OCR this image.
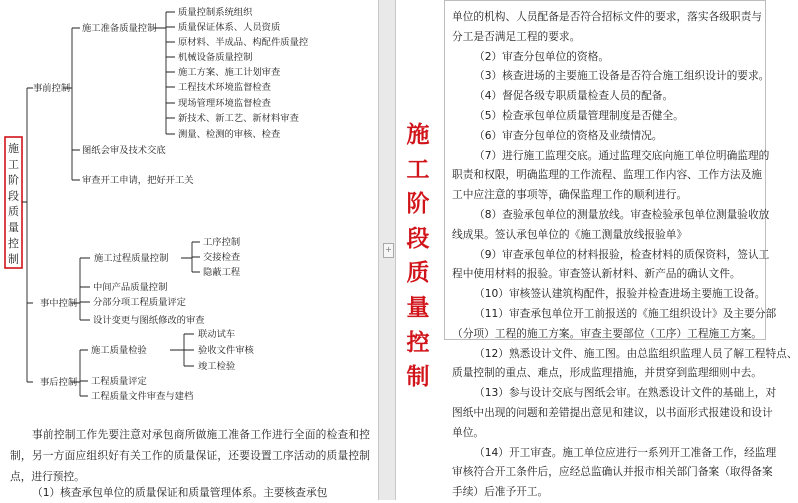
施
工
阶
段
质
量
控
制
事前控制
施工准备质量控制
质量控制系统组织
质量保证体系、人员资质
原材料、半成品、构配件质量控
机械设备质量控制
施工方案、施工计划审查
工程技术环境监督检查
现场管理环境监督检查
新技术、新工艺、新材料审查
测量、检测的审核、检查
图纸会审及技术交底
审查开工申请，把好开工关
事中控制
施工过程质量控制
工序控制
交接检查
隐蔽工程
中间产品质量控制
分部分项工程质量评定
设计变更与图纸修改的审查
事后控制
施工质量检验
联动试车
验收文件审核
竣工检验
工程质量评定
工程质量文件审查与建档

事前控制工作先要注意对承包商所做施工准备工作进行全面的检查和控制，另一方面应组织好有关工作的质量保证，还要设置工序活动的质量控制点，进行预控。

（1）核查承包单位的质量保证和质量管理体系。主要核查承包

+
施
工
阶
段
质
量
控
制
单位的机构、人员配备是否符合招标文件的要求，落实各级职责与
分工是否满足工程的要求。
（2）审查分包单位的资格。
（3）核查进场的主要施工设备是否符合施工组织设计的要求。
（4）督促各级专职质量检查人员的配备。
（5）检查承包单位质量管理制度是否健全。
（6）审查分包单位的资格及业绩情况。
（7）进行施工监理交底。通过监理交底向施工单位明确监理的
职责和权限，明确监理的工作流程、监理工作内容、工作方法及施
工中应注意的事项等，确保监理工作的顺利进行。
（8）查验承包单位的测量放线。审查检验承包单位测量验收放
线成果。签认承包单位的《施工测量放线报验单》
（9）审查承包单位的材料报验，检查材料的质保资料，签认工
程中使用材料的报验。审查签认新材料、新产品的确认文件。
（10）审核签认建筑构配件，报验并检查进场主要施工设备。
（11）审查承包单位开工前报送的《施工组织设计》及主要分部
（分项）工程的施工方案。审查主要部位（工序）工程施工方案。
（12）熟悉设计文件、施工图。由总监组织监理人员了解工程特点、
质量控制的重点、难点，形成监理措施，并贯穿到监理细则中去。
（13）参与设计交底与图纸会审。在熟悉设计文件的基础上，对
图纸中出现的问题和差错提出意见和建议，以书面形式报建设和设计
单位。
（14）开工审查。施工单位应进行一系列开工准备工作，经监理
审核符合开工条件后，应经总监确认并报市相关部门备案（取得备案
手续）后准予开工。
